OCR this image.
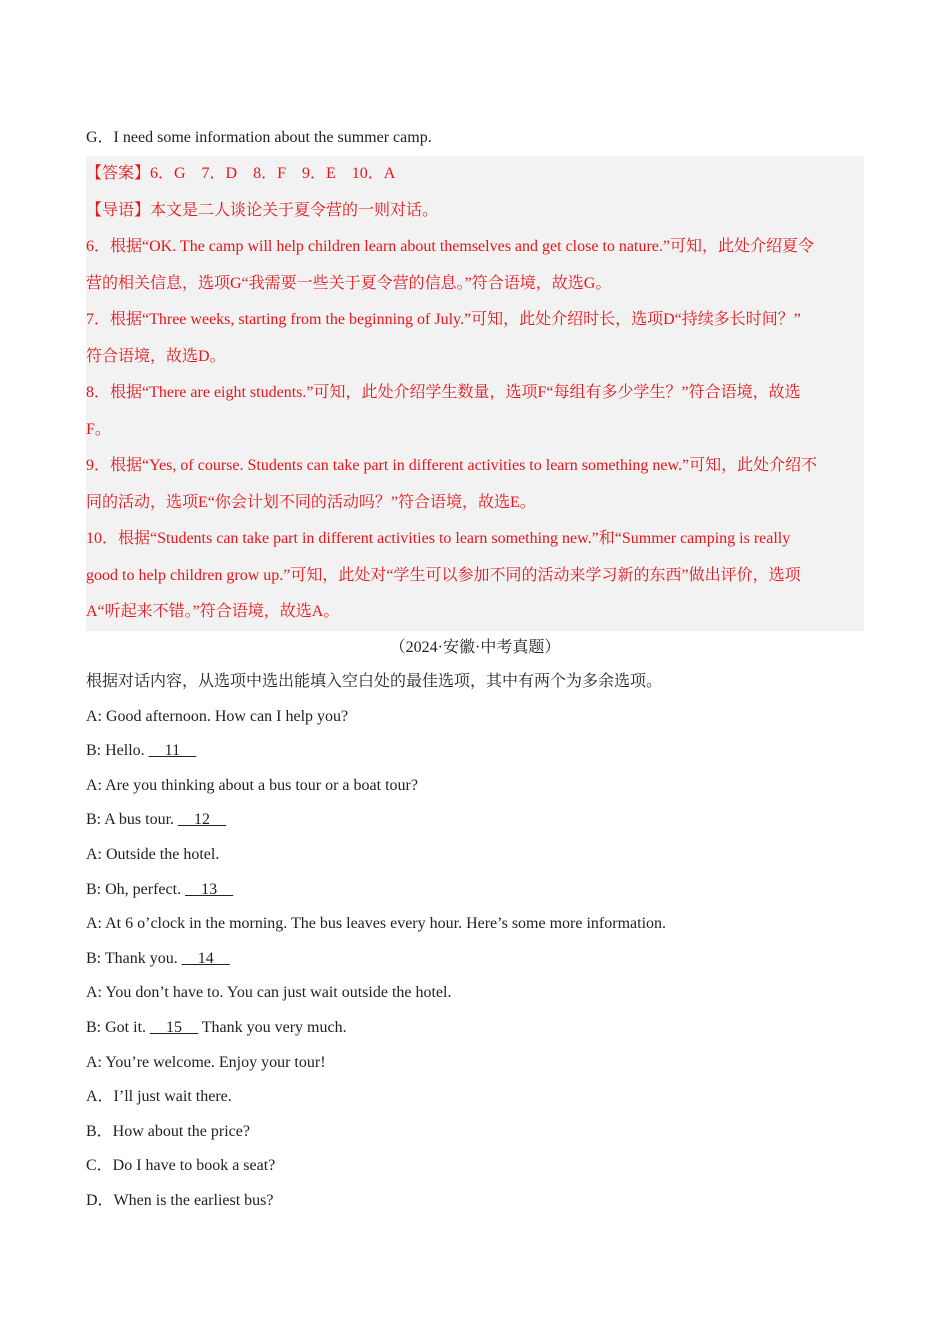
G．I need some information about the summer camp.
【答案】6．G　7．D　8．F　9．E　10．A
【导语】本文是二人谈论关于夏令营的一则对话。
6．根据“OK. The camp will help children learn about themselves and get close to nature.”可知，此处介绍夏令
营的相关信息，选项G“我需要一些关于夏令营的信息。”符合语境，故选G。
7．根据“Three weeks, starting from the beginning of July.”可知，此处介绍时长，选项D“持续多长时间？”
符合语境，故选D。
8．根据“There are eight students.”可知，此处介绍学生数量，选项F“每组有多少学生？”符合语境，故选
F。
9．根据“Yes, of course. Students can take part in different activities to learn something new.”可知，此处介绍不
同的活动，选项E“你会计划不同的活动吗？”符合语境，故选E。
10．根据“Students can take part in different activities to learn something new.”和“Summer camping is really
good to help children grow up.”可知，此处对“学生可以参加不同的活动来学习新的东西”做出评价，选项
A“听起来不错。”符合语境，故选A。
（2024·安徽·中考真题）
根据对话内容，从选项中选出能填入空白处的最佳选项，其中有两个为多余选项。
A: Good afternoon. How can I help you?
B: Hello. __11__
A: Are you thinking about a bus tour or a boat tour?
B: A bus tour. __12__
A: Outside the hotel.
B: Oh, perfect. __13__
A: At 6 o’clock in the morning. The bus leaves every hour. Here’s some more information.
B: Thank you. __14__
A: You don’t have to. You can just wait outside the hotel.
B: Got it. __15__ Thank you very much.
A: You’re welcome. Enjoy your tour!
A．I’ll just wait there.
B．How about the price?
C．Do I have to book a seat?
D．When is the earliest bus?
